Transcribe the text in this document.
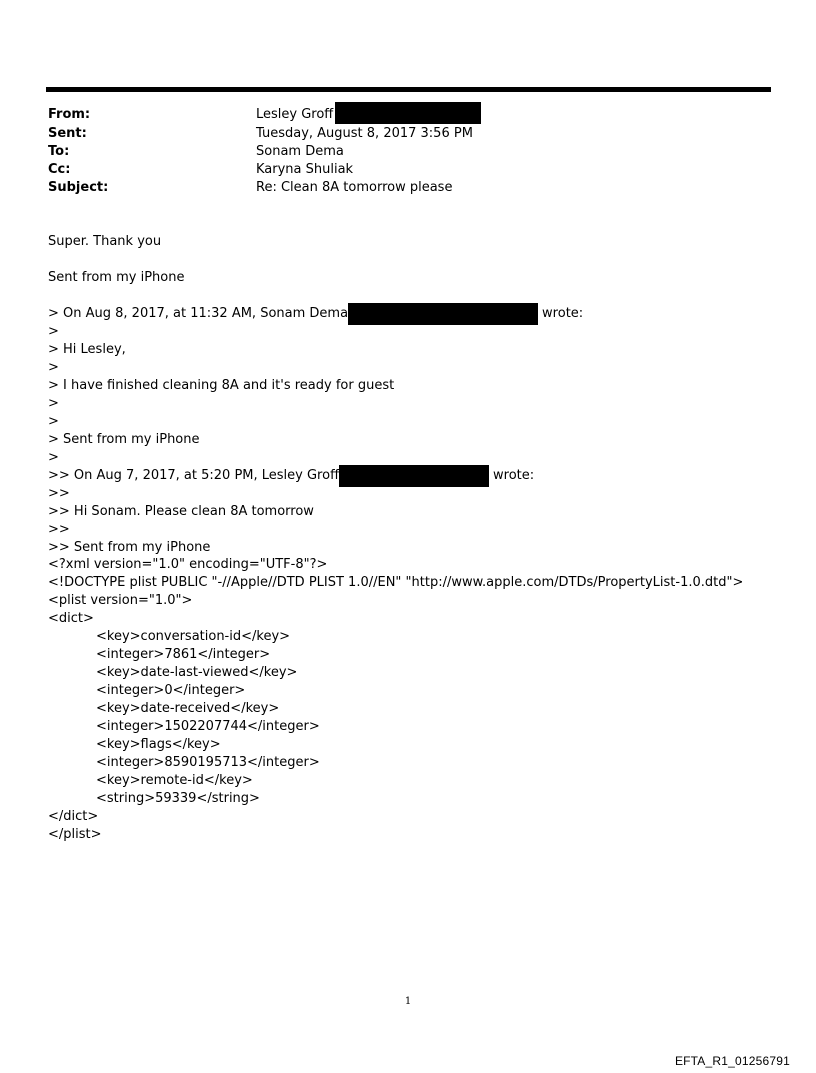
From:	Lesley Groff
Sent:	Tuesday, August 8, 2017 3:56 PM
To:	Sonam Dema
Cc:	Karyna Shuliak
Subject:	Re: Clean 8A tomorrow please
Super. Thank you
Sent from my iPhone
> On Aug 8, 2017, at 11:32 AM, Sonam Dema	wrote:
>
> Hi Lesley,
>
> I have finished cleaning 8A and it's ready for guest
>
>
> Sent from my iPhone
>
>> On Aug 7, 2017, at 5:20 PM, Lesley Groff	wrote:
>>
>> Hi Sonam. Please clean 8A tomorrow
>>
>> Sent from my iPhone
<?xml version="1.0" encoding="UTF-8"?>
<!DOCTYPE plist PUBLIC "-//Apple//DTD PLIST 1.0//EN" "http://www.apple.com/DTDs/PropertyList-1.0.dtd">
<plist version="1.0">
<dict>
<key>conversation-id</key>
<integer>7861</integer>
<key>date-last-viewed</key>
<integer>0</integer>
<key>date-received</key>
<integer>1502207744</integer>
<key>flags</key>
<integer>8590195713</integer>
<key>remote-id</key>
<string>59339</string>
</dict>
</plist>
1
EFTA_R1_01256791
